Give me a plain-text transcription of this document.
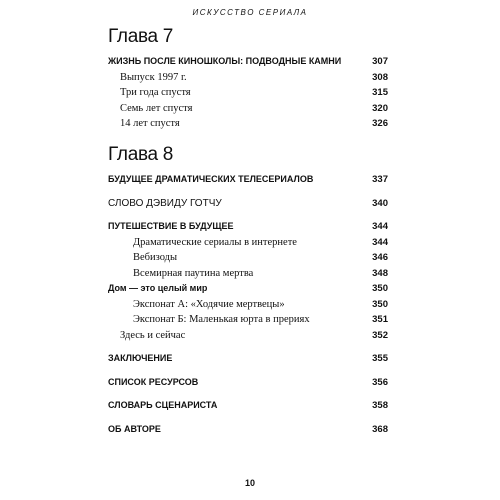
ИСКУССТВО СЕРИАЛА
Глава 7
ЖИЗНЬ ПОСЛЕ КИНОШКОЛЫ: ПОДВОДНЫЕ КАМНИ	307
Выпуск 1997 г.	308
Три года спустя	315
Семь лет спустя	320
14 лет спустя	326
Глава 8
БУДУЩЕЕ ДРАМАТИЧЕСКИХ ТЕЛЕСЕРИАЛОВ	337
СЛОВО ДЭВИДУ ГОТЧУ	340
ПУТЕШЕСТВИЕ В БУДУЩЕЕ	344
Драматические сериалы в интернете	344
Вебизоды	346
Всемирная паутина мертва	348
Дом — это целый мир	350
Экспонат А: «Ходячие мертвецы»	350
Экспонат Б: Маленькая юрта в прериях	351
Здесь и сейчас	352
ЗАКЛЮЧЕНИЕ	355
СПИСОК РЕСУРСОВ	356
СЛОВАРЬ СЦЕНАРИСТА	358
ОБ АВТОРЕ	368
10
